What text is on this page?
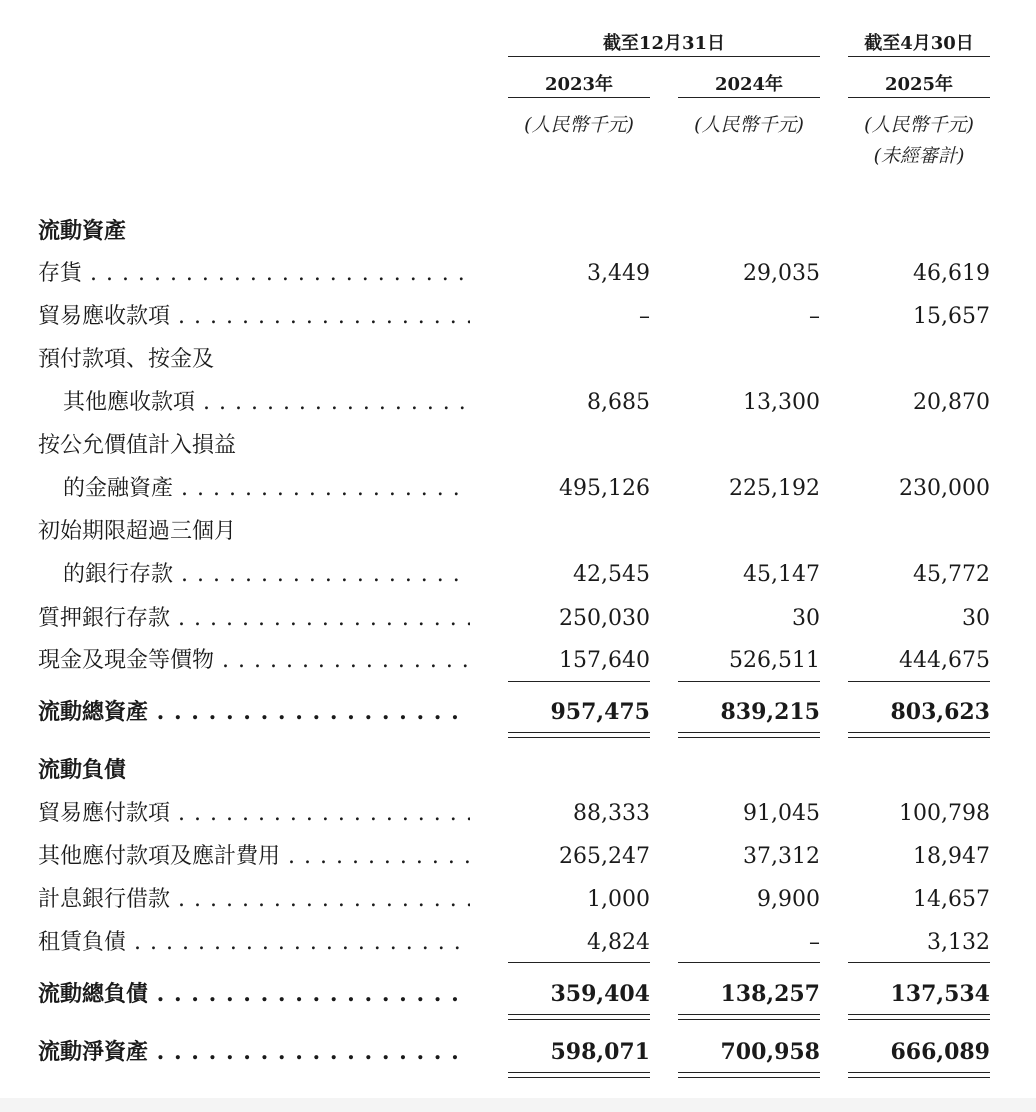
截至12月31日	截至4月30日
2023年	2024年	2025年
(人民幣千元)	(人民幣千元)	(人民幣千元)
(未經審計)
流動資產
存貨 . . .	3,449	29,035	46,619
貿易應收款項 . . .	–	–	15,657
預付款項、按金及
其他應收款項 . . .	8,685	13,300	20,870
按公允價值計入損益
的金融資產 . . .	495,126	225,192	230,000
初始期限超過三個月
的銀行存款 . . .	42,545	45,147	45,772
質押銀行存款 . . .	250,030	30	30
現金及現金等價物 . . .	157,640	526,511	444,675
流動總資產 . . .	957,475	839,215	803,623
流動負債
貿易應付款項 . . .	88,333	91,045	100,798
其他應付款項及應計費用 . . .	265,247	37,312	18,947
計息銀行借款 . . .	1,000	9,900	14,657
租賃負債 . . .	4,824	–	3,132
流動總負債 . . .	359,404	138,257	137,534
流動淨資產 . . .	598,071	700,958	666,089
